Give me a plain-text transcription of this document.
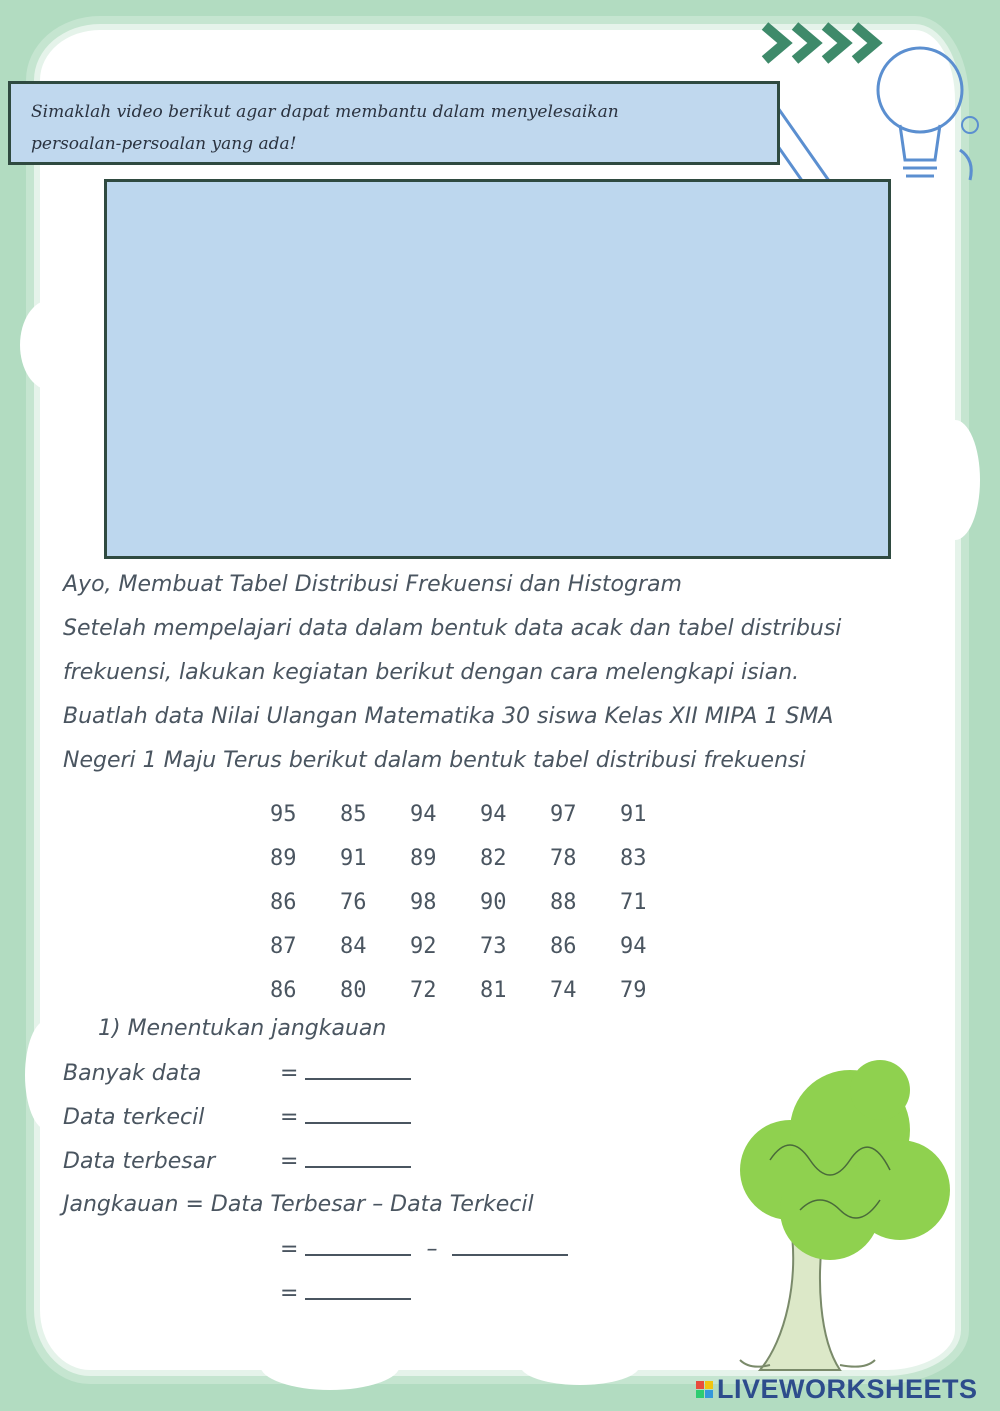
Simaklah video berikut agar dapat membantu dalam menyelesaikan
persoalan-persoalan yang ada!
Ayo, Membuat Tabel Distribusi Frekuensi dan Histogram
Setelah mempelajari data dalam bentuk data acak dan tabel distribusi
frekuensi, lakukan kegiatan berikut dengan cara melengkapi isian.
Buatlah data Nilai Ulangan Matematika 30 siswa Kelas XII MIPA 1 SMA
Negeri 1 Maju Terus berikut dalam bentuk tabel distribusi frekuensi
95	85	94	94	97	91
89	91	89	82	78	83
86	76	98	90	88	71
87	84	92	73	86	94
86	80	72	81	74	79
1) Menentukan jangkauan
Banyak data	=
Data terkecil	=
Data terbesar	=
Jangkauan = Data Terbesar – Data Terkecil
=	–
=
LIVEWORKSHEETS
